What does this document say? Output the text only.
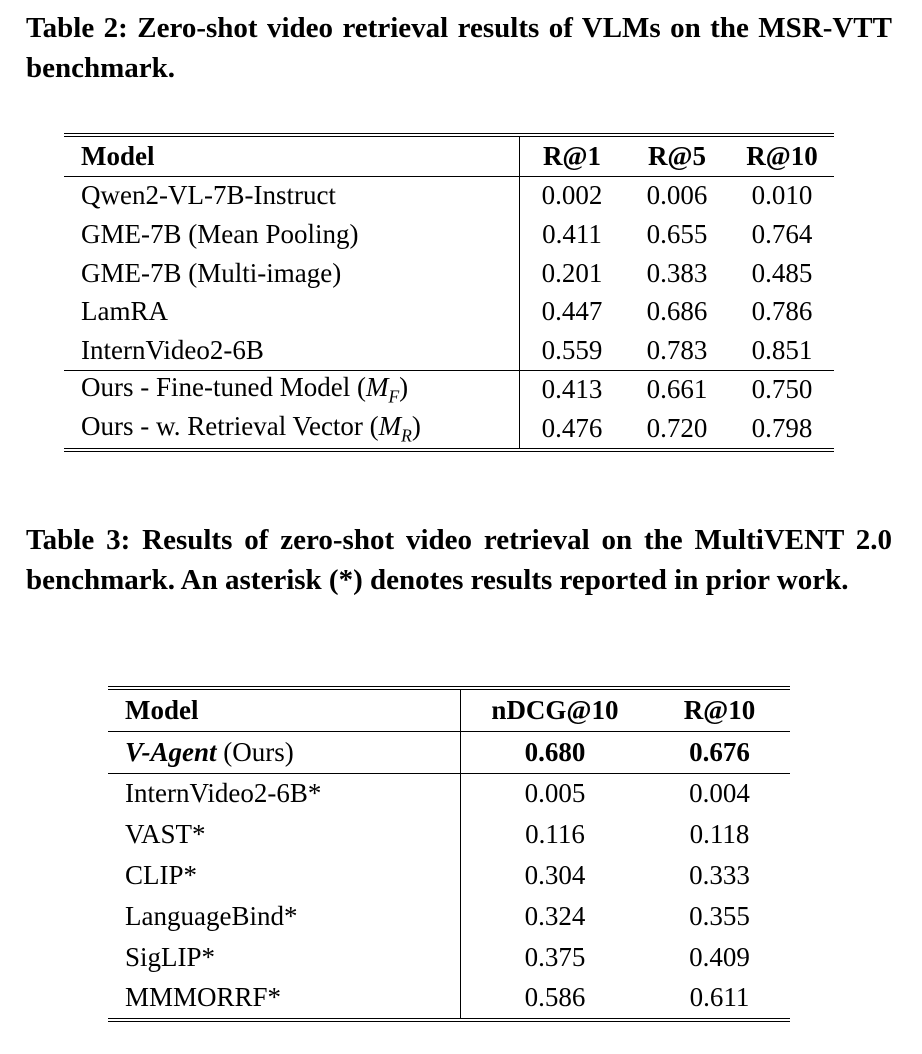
Table 2: Zero-shot video retrieval results of VLMs on the MSR-VTT benchmark.
Model	R@1	R@5	R@10
Qwen2-VL-7B-Instruct	0.002	0.006	0.010
GME-7B (Mean Pooling)	0.411	0.655	0.764
GME-7B (Multi-image)	0.201	0.383	0.485
LamRA	0.447	0.686	0.786
InternVideo2-6B	0.559	0.783	0.851
Ours - Fine-tuned Model $(M_F)$	0.413	0.661	0.750
Ours - w. Retrieval Vector $(M_R)$	0.476	0.720	0.798
Table 3: Results of zero-shot video retrieval on the MultiVENT 2.0 benchmark. An asterisk (*) denotes results reported in prior work.
Model	nDCG@10	R@10
V-Agent (Ours)	0.680	0.676
InternVideo2-6B*	0.005	0.004
VAST*	0.116	0.118
CLIP*	0.304	0.333
LanguageBind*	0.324	0.355
SigLIP*	0.375	0.409
MMMORRF*	0.586	0.611
